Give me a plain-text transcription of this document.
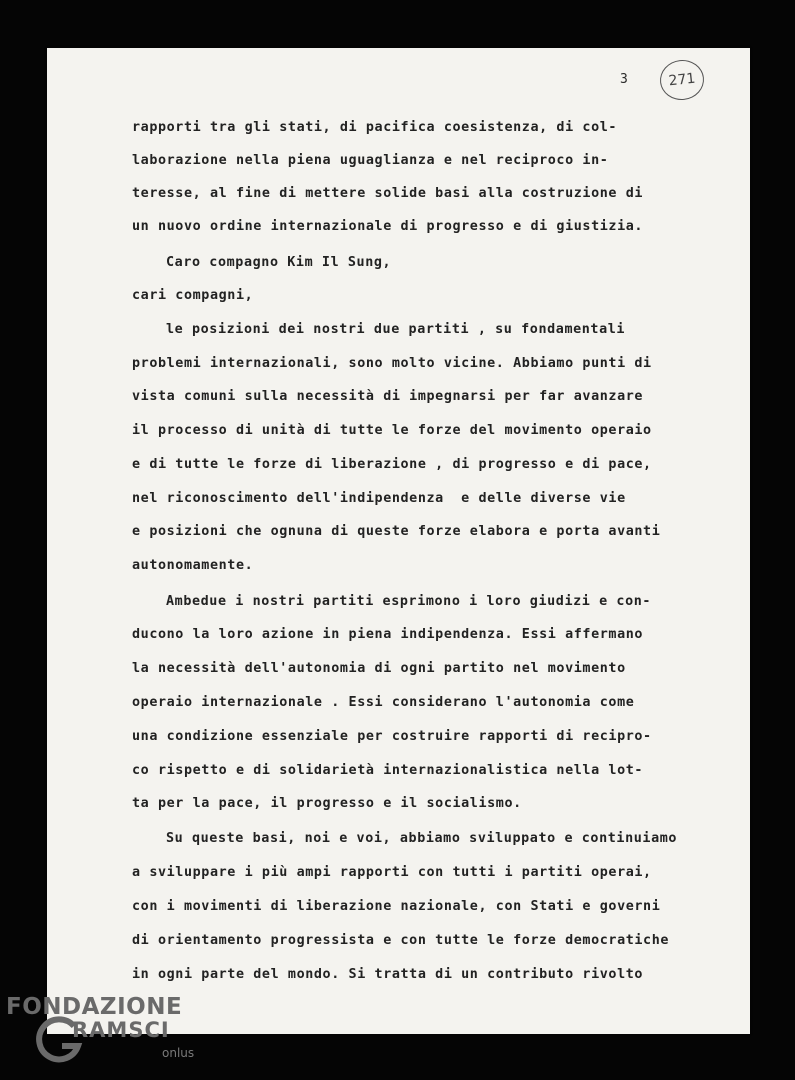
3	271
rapporti tra gli stati, di pacifica coesistenza, di col-
laborazione nella piena uguaglianza e nel reciproco in-
teresse, al fine di mettere solide basi alla costruzione di
un nuovo ordine internazionale di progresso e di giustizia.
Caro compagno Kim Il Sung,
cari compagni,
le posizioni dei nostri due partiti , su fondamentali
problemi internazionali, sono molto vicine. Abbiamo punti di
vista comuni sulla necessità di impegnarsi per far avanzare
il processo di unità di tutte le forze del movimento operaio
e di tutte le forze di liberazione , di progresso e di pace,
nel riconoscimento dell'indipendenza  e delle diverse vie
e posizioni che ognuna di queste forze elabora e porta avanti
autonomamente.
Ambedue i nostri partiti esprimono i loro giudizi e con-
ducono la loro azione in piena indipendenza. Essi affermano
la necessità dell'autonomia di ogni partito nel movimento
operaio internazionale . Essi considerano l'autonomia come
una condizione essenziale per costruire rapporti di recipro-
co rispetto e di solidarietà internazionalistica nella lot-
ta per la pace, il progresso e il socialismo.
Su queste basi, noi e voi, abbiamo sviluppato e continuiamo
a sviluppare i più ampi rapporti con tutti i partiti operai,
con i movimenti di liberazione nazionale, con Stati e governi
di orientamento progressista e con tutte le forze democratiche
in ogni parte del mondo. Si tratta di un contributo rivolto
FONDAZIONE
RAMSCI
onlus
